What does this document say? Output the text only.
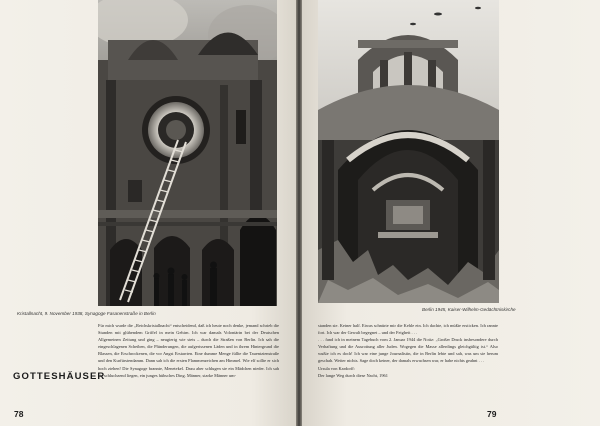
Kristallnacht, 9. November 1938, Synagoge Fasanenstraße in Berlin

Für mich wurde die „Reichskristallnacht“ entscheidend, daß ich heute noch denke, jemand schrieb die Stunden mit glühendem Griffel in mein Gehirn. Ich war damals Volontärin bei der Deutschen Allgemeinen Zeitung und ging – neugierig wie stets – durch die Straßen von Berlin. Ich sah die eingeschlagenen Scheiben, die Plünderungen, die aufgerissenen Läden und in ihrem Hintergrund die Blassen, die Erschrockenen, die vor Angst Erstarrten. Eine dumme Menge füllte die Tauentzienstraße und den Kurfürstendamm. Dann sah ich die ersten Flammenzeichen am Himmel. Wie elf sollte er sich hoch ziehen! Die Synagoge brannte, Menetekel. Dazu aber schlugen sie ein Mädchen nieder. Ich sah sie schluchzend liegen, ein junges hübsches Ding. Männer, starke Männer um-

GOTTESHÄUSER
78
Berlin 1945, Kaiser-Wilhelm-Gedächtniskirche

standen sie. Keiner half. Etwas schnürte mir die Kehle ein. Ich dachte, ich müßte ersticken. Ich rannte fort. Ich war der Gewalt begegnet – und der Feigheit . . .

. . . fand ich in meinem Tagebuch vom 2. Januar 1944 die Notiz: „Großer Druck insbesondere durch Verhaftung und die Ausrottung aller Juden. Wogegen die Masse allerdings gleichgültig ist.“ Also wußte ich es doch! Ich war eine junge Journalistin, die in Berlin lebte und sah, was um sie herum geschah. Weiter nichts. Sage doch keiner, der damals erwachsen war, er habe nichts geahnt . . .

Ursula von Kardorff:

Der lange Weg durch diese Nacht, 1961

79
